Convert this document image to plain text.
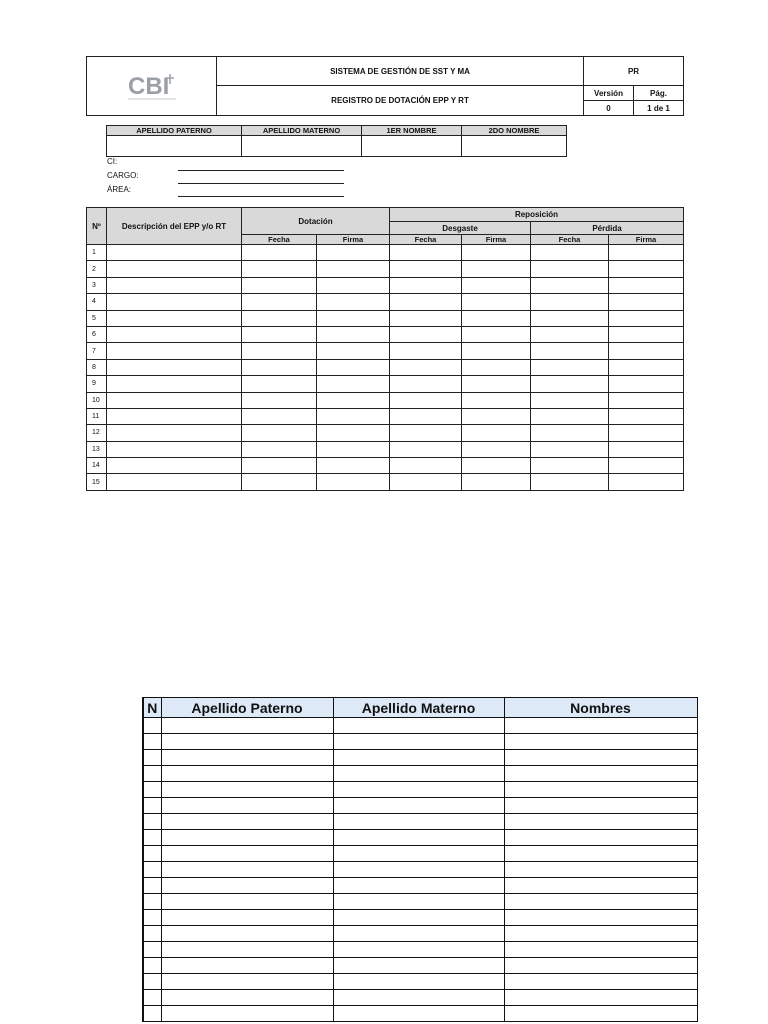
CBI	SISTEMA DE GESTIÓN DE SST Y MA	PR	
	REGISTRO DE DOTACIÓN EPP Y RT	Versión	Pág.
		0	1 de 1
APELLIDO PATERNO	APELLIDO MATERNO	1ER NOMBRE	2DO NOMBRE

CI:
CARGO:
ÁREA:
Nº	Descripción del EPP y/o RT	Dotación		Reposición			
				Desgaste		Pérdida	
		Fecha	Firma	Fecha	Firma	Fecha	Firma
1							
2							
3							
4							
5							
6							
7							
8							
9							
10							
11							
12							
13							
14							
15							
N	Apellido Paterno	Apellido Materno	Nombres
